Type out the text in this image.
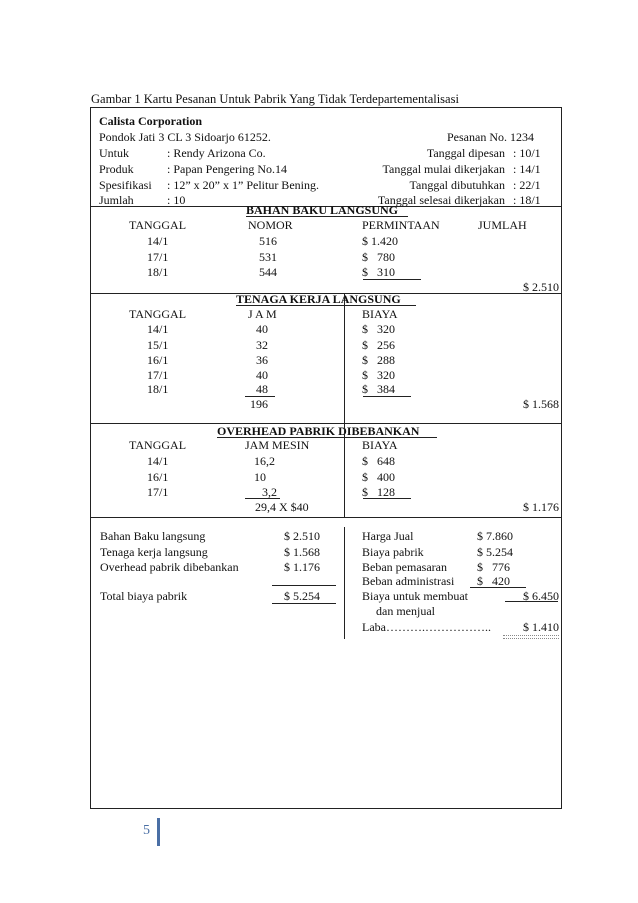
Gambar 1 Kartu Pesanan Untuk Pabrik Yang Tidak Terdepartementalisasi
Calista Corporation
Pondok Jati 3 CL 3 Sidoarjo 61252.	Pesanan No. 1234
Untuk	: Rendy Arizona Co.	Tanggal dipesan : 10/1
Produk	: Papan Pengering No.14	Tanggal mulai dikerjakan : 14/1
Spesifikasi : 12” x 20” x 1” Pelitur Bening.	Tanggal dibutuhkan : 22/1
Jumlah	: 10	Tanggal selesai dikerjakan : 18/1
BAHAN BAKU LANGSUNG
TANGGAL	NOMOR	PERMINTAAN	JUMLAH
14/1	516	$ 1.420
17/1	531	$   780
18/1	544	$   310
$ 2.510
TENAGA KERJA LANGSUNG
TANGGAL	J A M	BIAYA
14/1	40	$   320
15/1	32	$   256
16/1	36	$   288
17/1	40	$   320
18/1	48	$   384
196	$ 1.568
OVERHEAD PABRIK DIBEBANKAN
TANGGAL	JAM MESIN	BIAYA
14/1	16,2	$   648
16/1	10	$   400
17/1	3,2	$   128
29,4 X $40	$ 1.176
Bahan Baku langsung	$ 2.510
Tenaga kerja langsung	$ 1.568
Overhead pabrik dibebankan	$ 1.176
Total biaya pabrik	$ 5.254
Harga Jual	$ 7.860
Biaya pabrik	$ 5.254
Beban pemasaran	$   776
Beban administrasi $   420
Biaya untuk membuat	$ 6.450
dan menjual
Laba……….……………..	$ 1.410
5
